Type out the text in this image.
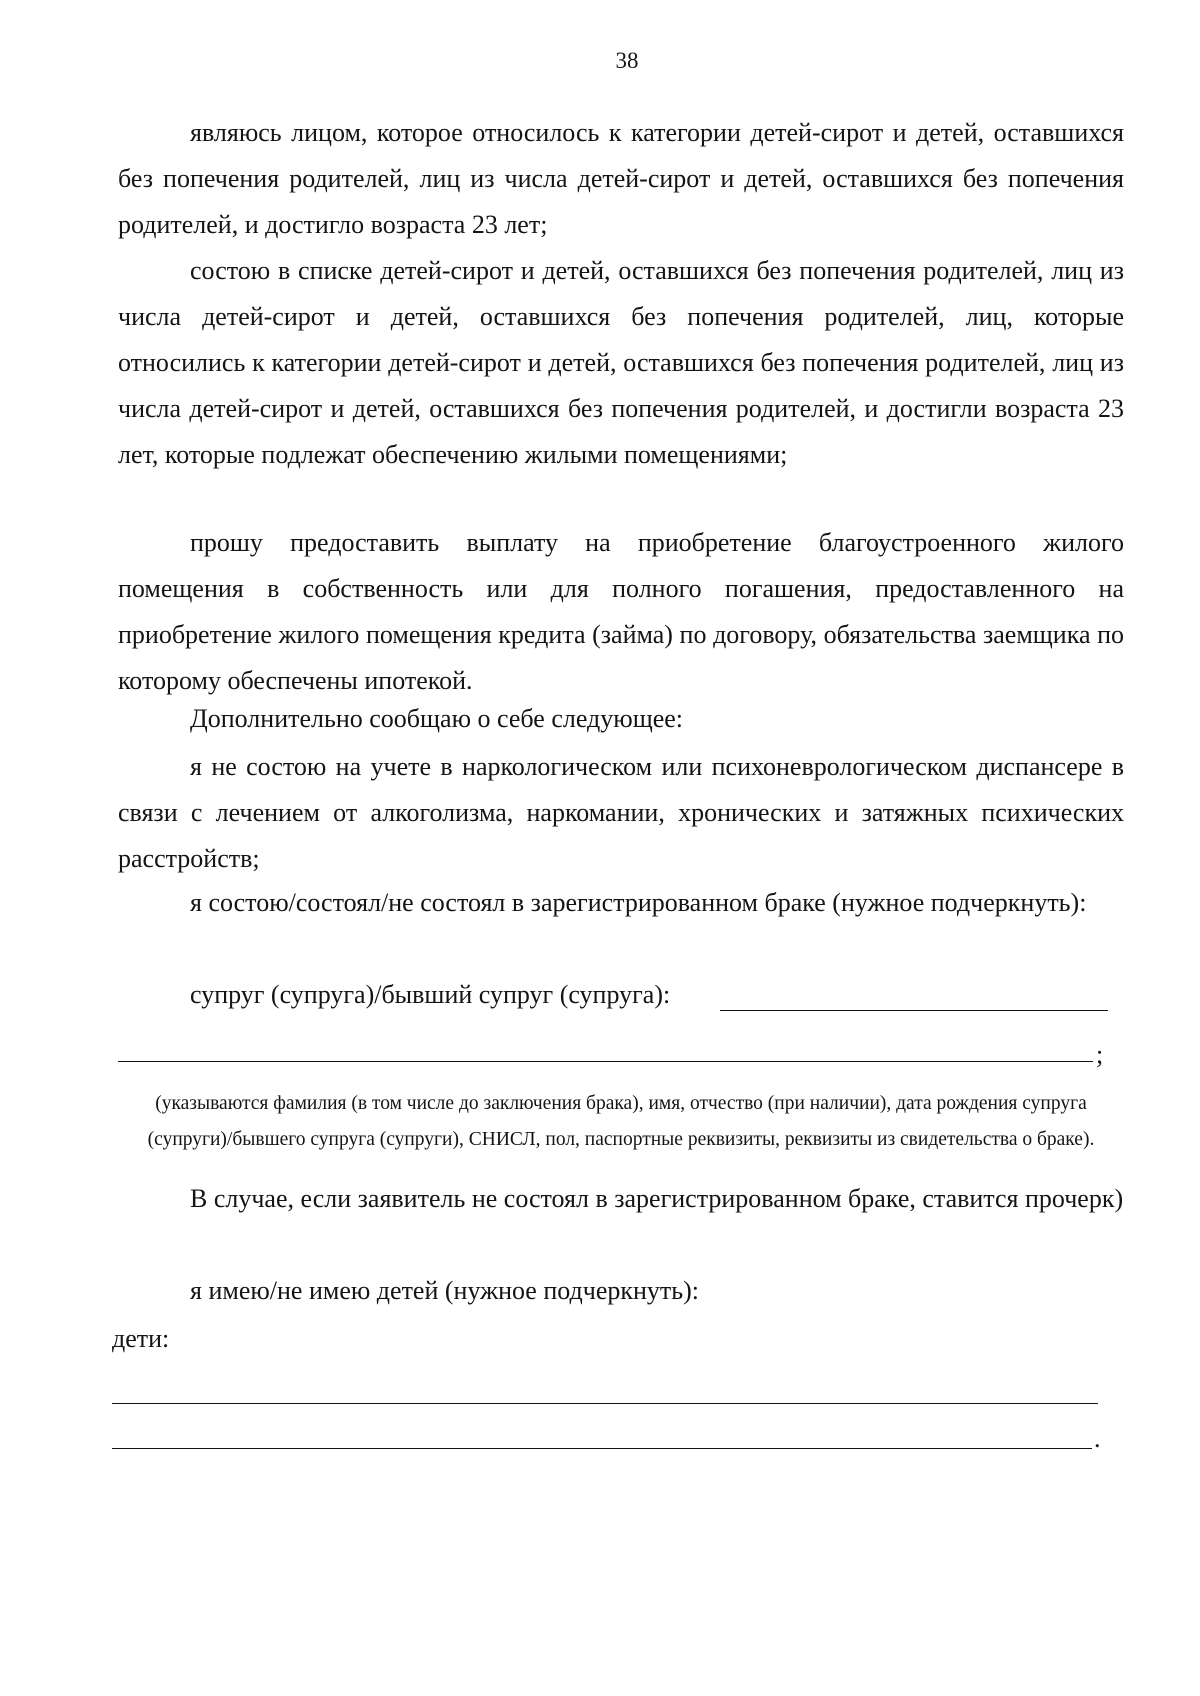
38

являюсь лицом, которое относилось к категории детей-сирот и детей, оставшихся без попечения родителей, лиц из числа детей-сирот и детей, оставшихся без попечения родителей, и достигло возраста 23 лет;

состою в списке детей-сирот и детей, оставшихся без попечения родителей, лиц из числа детей-сирот и детей, оставшихся без попечения родителей, лиц, которые относились к категории детей-сирот и детей, оставшихся без попечения родителей, лиц из числа детей-сирот и детей, оставшихся без попечения родителей, и достигли возраста 23 лет, которые подлежат обеспечению жилыми помещениями;

прошу предоставить выплату на приобретение благоустроенного жилого помещения в собственность или для полного погашения, предоставленного на приобретение жилого помещения кредита (займа) по договору, обязательства заемщика по которому обеспечены ипотекой.

Дополнительно сообщаю о себе следующее:

я не состою на учете в наркологическом или психоневрологическом диспансере в связи с лечением от алкоголизма, наркомании, хронических и затяжных психических расстройств;

я состою/состоял/не состоял в зарегистрированном браке (нужное подчеркнуть):

супруг (супруга)/бывший супруг (супруга):

;

(указываются фамилия (в том числе до заключения брака), имя, отчество (при наличии), дата рождения супруга (супруги)/бывшего супруга (супруги), СНИСЛ, пол, паспортные реквизиты, реквизиты из свидетельства о браке).

В случае, если заявитель не состоял в зарегистрированном браке, ставится прочерк)

я имею/не имею детей (нужное подчеркнуть):

дети:

.
